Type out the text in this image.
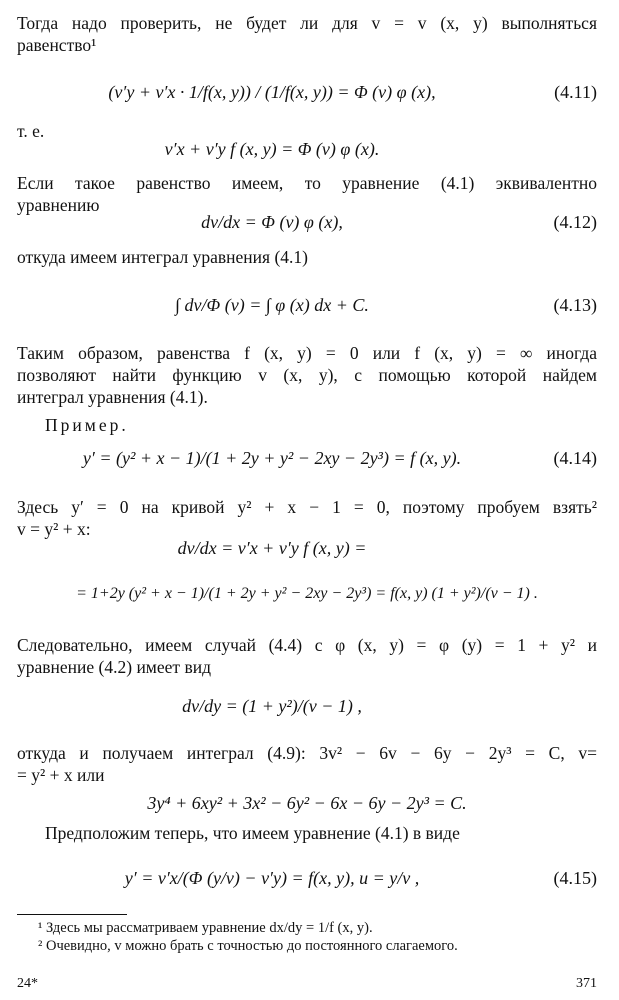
Тогда надо проверить, не будет ли для v = v (x, y) выполняться
равенство¹
(v′y + v′x · 1/f(x, y)) / (1/f(x, y)) = Φ (v) φ (x),	(4.11)
т. е.
v′x + v′y f (x, y) = Φ (v) φ (x).
Если такое равенство имеем, то уравнение (4.1) эквивалентно
уравнению
dv/dx = Φ (v) φ (x),	(4.12)
откуда имеем интеграл уравнения (4.1)
∫ dv/Φ (v) = ∫ φ (x) dx + C.	(4.13)
Таким образом, равенства f (x, y) = 0 или f (x, y) = ∞ иногда
позволяют найти функцию v (x, y), с помощью которой найдем
интеграл уравнения (4.1).
Пример.
y′ = (y² + x − 1)/(1 + 2y + y² − 2xy − 2y³) = f (x, y).	(4.14)
Здесь y′ = 0 на кривой y² + x − 1 = 0, поэтому пробуем взять²
v = y² + x:
dv/dx = v′x + v′y f (x, y) =
= 1+2y (y² + x − 1)/(1 + 2y + y² − 2xy − 2y³) = f(x, y) (1 + y²)/(v − 1) .
Следовательно, имеем случай (4.4) с φ (x, y) = φ (y) = 1 + y² и
уравнение (4.2) имеет вид
dv/dy = (1 + y²)/(v − 1) ,
откуда и получаем интеграл (4.9): 3v² − 6v − 6y − 2y³ = C, v=
= y² + x или
3y⁴ + 6xy² + 3x² − 6y² − 6x − 6y − 2y³ = C.
Предположим теперь, что имеем уравнение (4.1) в виде
y′ = v′x/(Φ (y/v) − v′y) = f(x, y), u = y/v ,	(4.15)
¹ Здесь мы рассматриваем уравнение dx/dy = 1/f (x, y).
² Очевидно, v можно брать с точностью до постоянного слагаемого.
24*	371
